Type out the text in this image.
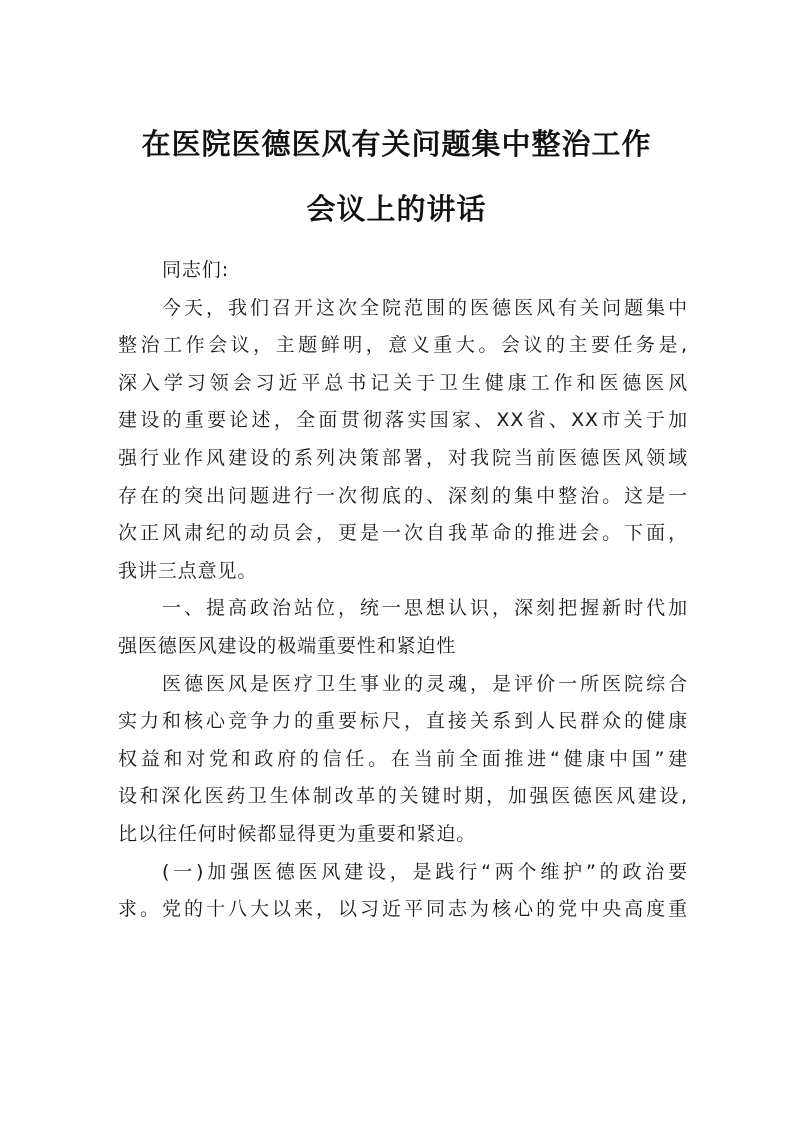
在医院医德医风有关问题集中整治工作
会议上的讲话
同志们:
今天，我们召开这次全院范围的医德医风有关问题集中
整治工作会议，主题鲜明，意义重大。会议的主要任务是,
深入学习领会习近平总书记关于卫生健康工作和医德医风
建设的重要论述，全面贯彻落实国家、XX省、XX市关于加
强行业作风建设的系列决策部署，对我院当前医德医风领域
存在的突出问题进行一次彻底的、深刻的集中整治。这是一
次正风肃纪的动员会，更是一次自我革命的推进会。下面，
我讲三点意见。
一、提高政治站位，统一思想认识，深刻把握新时代加
强医德医风建设的极端重要性和紧迫性
医德医风是医疗卫生事业的灵魂，是评价一所医院综合
实力和核心竞争力的重要标尺，直接关系到人民群众的健康
权益和对党和政府的信任。在当前全面推进“健康中国”建
设和深化医药卫生体制改革的关键时期，加强医德医风建设,
比以往任何时候都显得更为重要和紧迫。
(一)加强医德医风建设，是践行“两个维护”的政治要
求。党的十八大以来，以习近平同志为核心的党中央高度重
